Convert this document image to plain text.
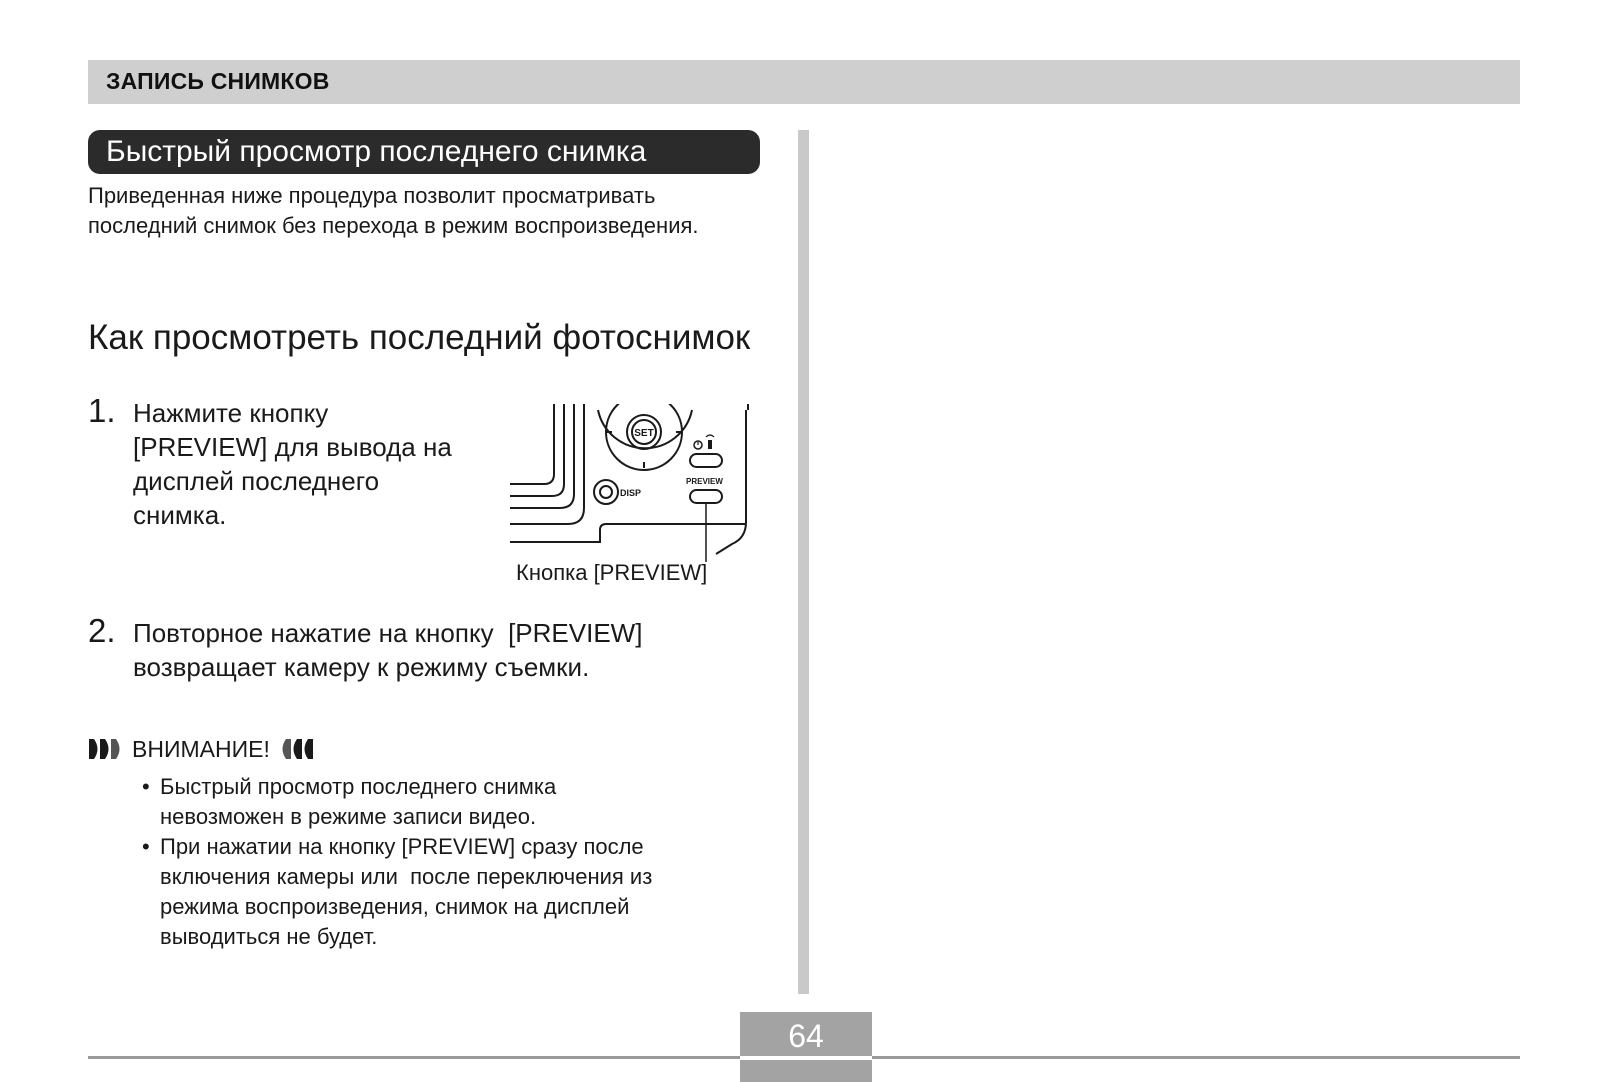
ЗАПИСЬ СНИМКОВ
Быстрый просмотр последнего снимка
Приведенная ниже процедура позволит просматривать последний снимок без перехода в режим воспроизведения.
Как просмотреть последний фотоснимок
1. Нажмите кнопку
[PREVIEW] для вывода на
дисплей последнего
снимка.
SET
DISP
PREVIEW
Кнопка [PREVIEW]
2. Повторное нажатие на кнопку  [PREVIEW]
возвращает камеру к режиму съемки.
ВНИМАНИЕ!
• Быстрый просмотр последнего снимка
невозможен в режиме записи видео.
• При нажатии на кнопку [PREVIEW] сразу после
включения камеры или  после переключения из
режима воспроизведения, снимок на дисплей
выводиться не будет.
64
